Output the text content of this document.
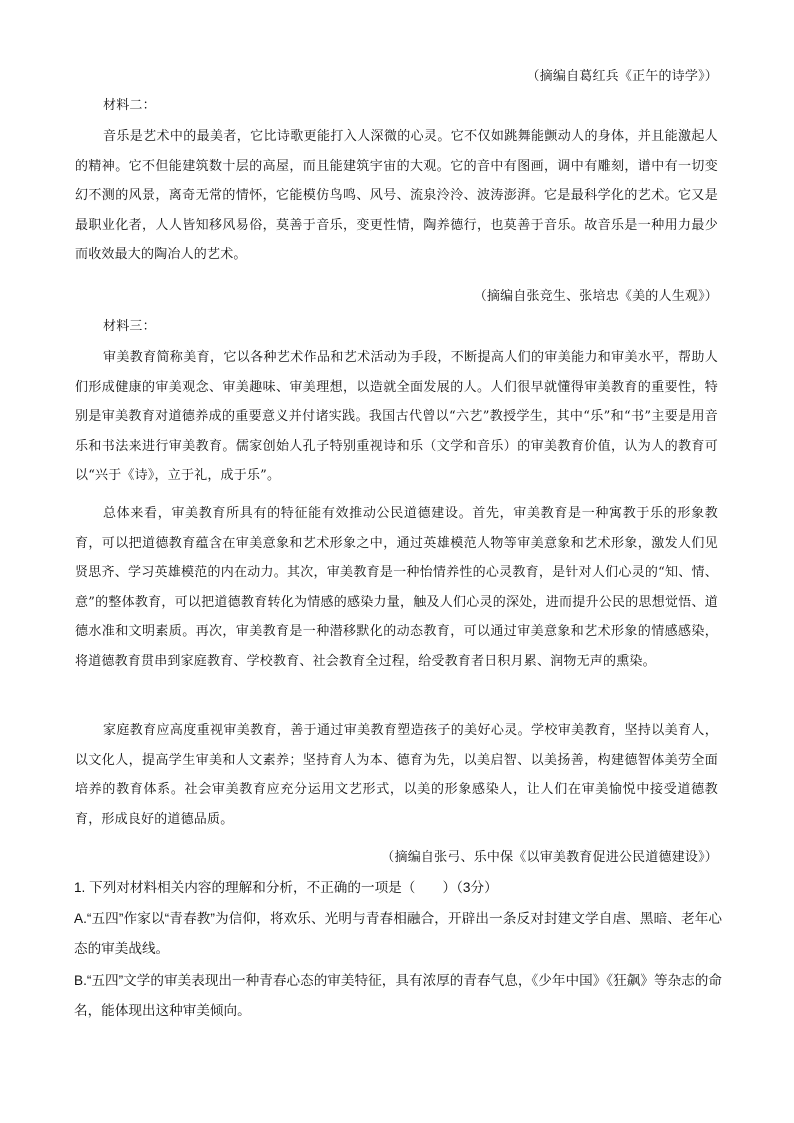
（摘编自葛红兵《正午的诗学》）
材料二：

音乐是艺术中的最美者，它比诗歌更能打入人深微的心灵。它不仅如跳舞能颤动人的身体，并且能激起人的精神。它不但能建筑数十层的高屋，而且能建筑宇宙的大观。它的音中有图画，调中有雕刻，谱中有一切变幻不测的风景，离奇无常的情怀，它能模仿鸟鸣、风号、流泉泠泠、波涛澎湃。它是最科学化的艺术。它又是最职业化者，人人皆知移风易俗，莫善于音乐，变更性情，陶养德行，也莫善于音乐。故音乐是一种用力最少而收效最大的陶冶人的艺术。

（摘编自张竞生、张培忠《美的人生观》）
材料三：

审美教育简称美育，它以各种艺术作品和艺术活动为手段，不断提高人们的审美能力和审美水平，帮助人们形成健康的审美观念、审美趣味、审美理想，以造就全面发展的人。人们很早就懂得审美教育的重要性，特别是审美教育对道德养成的重要意义并付诸实践。我国古代曾以“六艺”教授学生，其中“乐”和“书”主要是用音乐和书法来进行审美教育。儒家创始人孔子特别重视诗和乐（文学和音乐）的审美教育价值，认为人的教育可以“兴于《诗》，立于礼，成于乐”。

总体来看，审美教育所具有的特征能有效推动公民道德建设。首先，审美教育是一种寓教于乐的形象教育，可以把道德教育蕴含在审美意象和艺术形象之中，通过英雄模范人物等审美意象和艺术形象，激发人们见贤思齐、学习英雄模范的内在动力。其次，审美教育是一种怡情养性的心灵教育，是针对人们心灵的“知、情、意”的整体教育，可以把道德教育转化为情感的感染力量，触及人们心灵的深处，进而提升公民的思想觉悟、道德水准和文明素质。再次，审美教育是一种潜移默化的动态教育，可以通过审美意象和艺术形象的情感感染，将道德教育贯串到家庭教育、学校教育、社会教育全过程，给受教育者日积月累、润物无声的熏染。

家庭教育应高度重视审美教育，善于通过审美教育塑造孩子的美好心灵。学校审美教育，坚持以美育人，以文化人，提高学生审美和人文素养；坚持育人为本、德育为先，以美启智、以美扬善，构建德智体美劳全面培养的教育体系。社会审美教育应充分运用文艺形式，以美的形象感染人，让人们在审美愉悦中接受道德教育，形成良好的道德品质。

（摘编自张弓、乐中保《以审美教育促进公民道德建设》）

1. 下列对材料相关内容的理解和分析，不正确的一项是（　　）（3分）

A.“五四”作家以“青春教”为信仰，将欢乐、光明与青春相融合，开辟出一条反对封建文学自虐、黑暗、老年心态的审美战线。

B.“五四”文学的审美表现出一种青春心态的审美特征，具有浓厚的青春气息，《少年中国》《狂飙》等杂志的命名，能体现出这种审美倾向。
